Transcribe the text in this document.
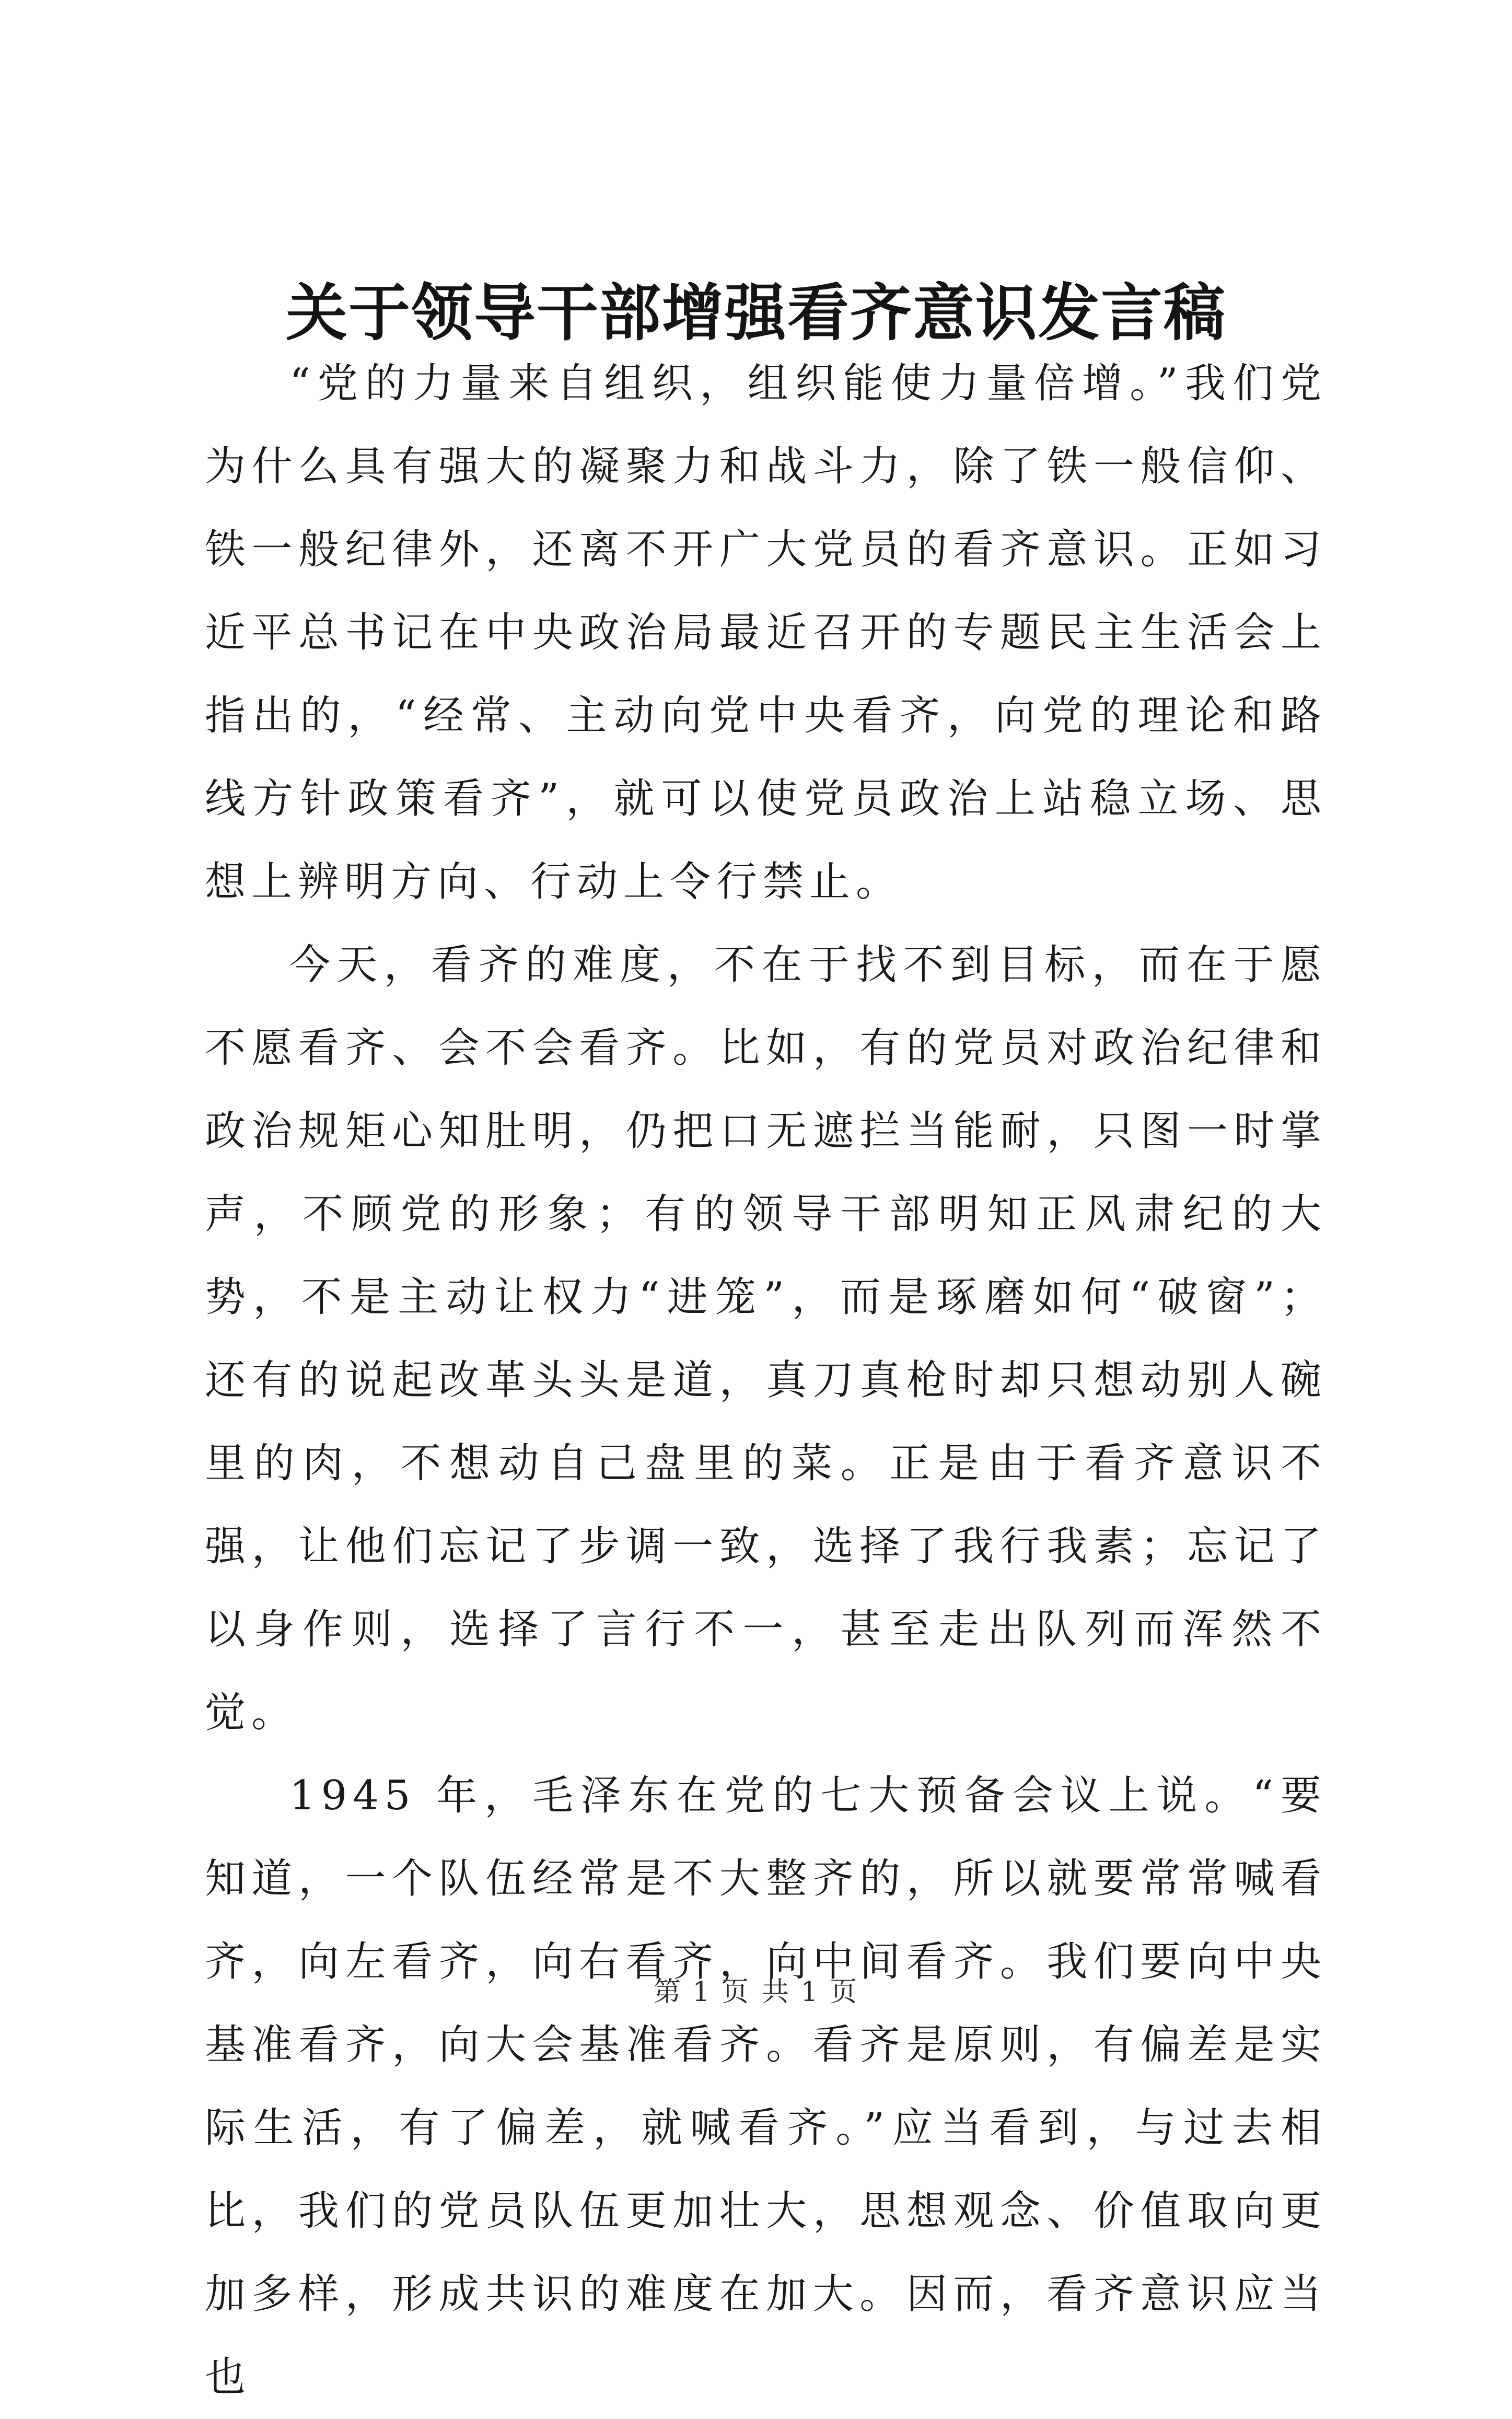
关于领导干部增强看齐意识发言稿

“党的力量来自组织，组织能使力量倍增。”我们党为什么具有强大的凝聚力和战斗力，除了铁一般信仰、铁一般纪律外，还离不开广大党员的看齐意识。正如习近平总书记在中央政治局最近召开的专题民主生活会上指出的，“经常、主动向党中央看齐，向党的理论和路线方针政策看齐”，就可以使党员政治上站稳立场、思想上辨明方向、行动上令行禁止。

今天，看齐的难度，不在于找不到目标，而在于愿不愿看齐、会不会看齐。比如，有的党员对政治纪律和政治规矩心知肚明，仍把口无遮拦当能耐，只图一时掌声，不顾党的形象；有的领导干部明知正风肃纪的大势，不是主动让权力“进笼”，而是琢磨如何“破窗”；还有的说起改革头头是道，真刀真枪时却只想动别人碗里的肉，不想动自己盘里的菜。正是由于看齐意识不强，让他们忘记了步调一致，选择了我行我素；忘记了以身作则，选择了言行不一，甚至走出队列而浑然不觉。

1945 年，毛泽东在党的七大预备会议上说。“要知道，一个队伍经常是不大整齐的，所以就要常常喊看齐，向左看齐，向右看齐，向中间看齐。我们要向中央基准看齐，向大会基准看齐。看齐是原则，有偏差是实际生活，有了偏差，就喊看齐。”应当看到，与过去相比，我们的党员队伍更加壮大，思想观念、价值取向更加多样，形成共识的难度在加大。因而，看齐意识应当也

第 1 页 共 1 页
